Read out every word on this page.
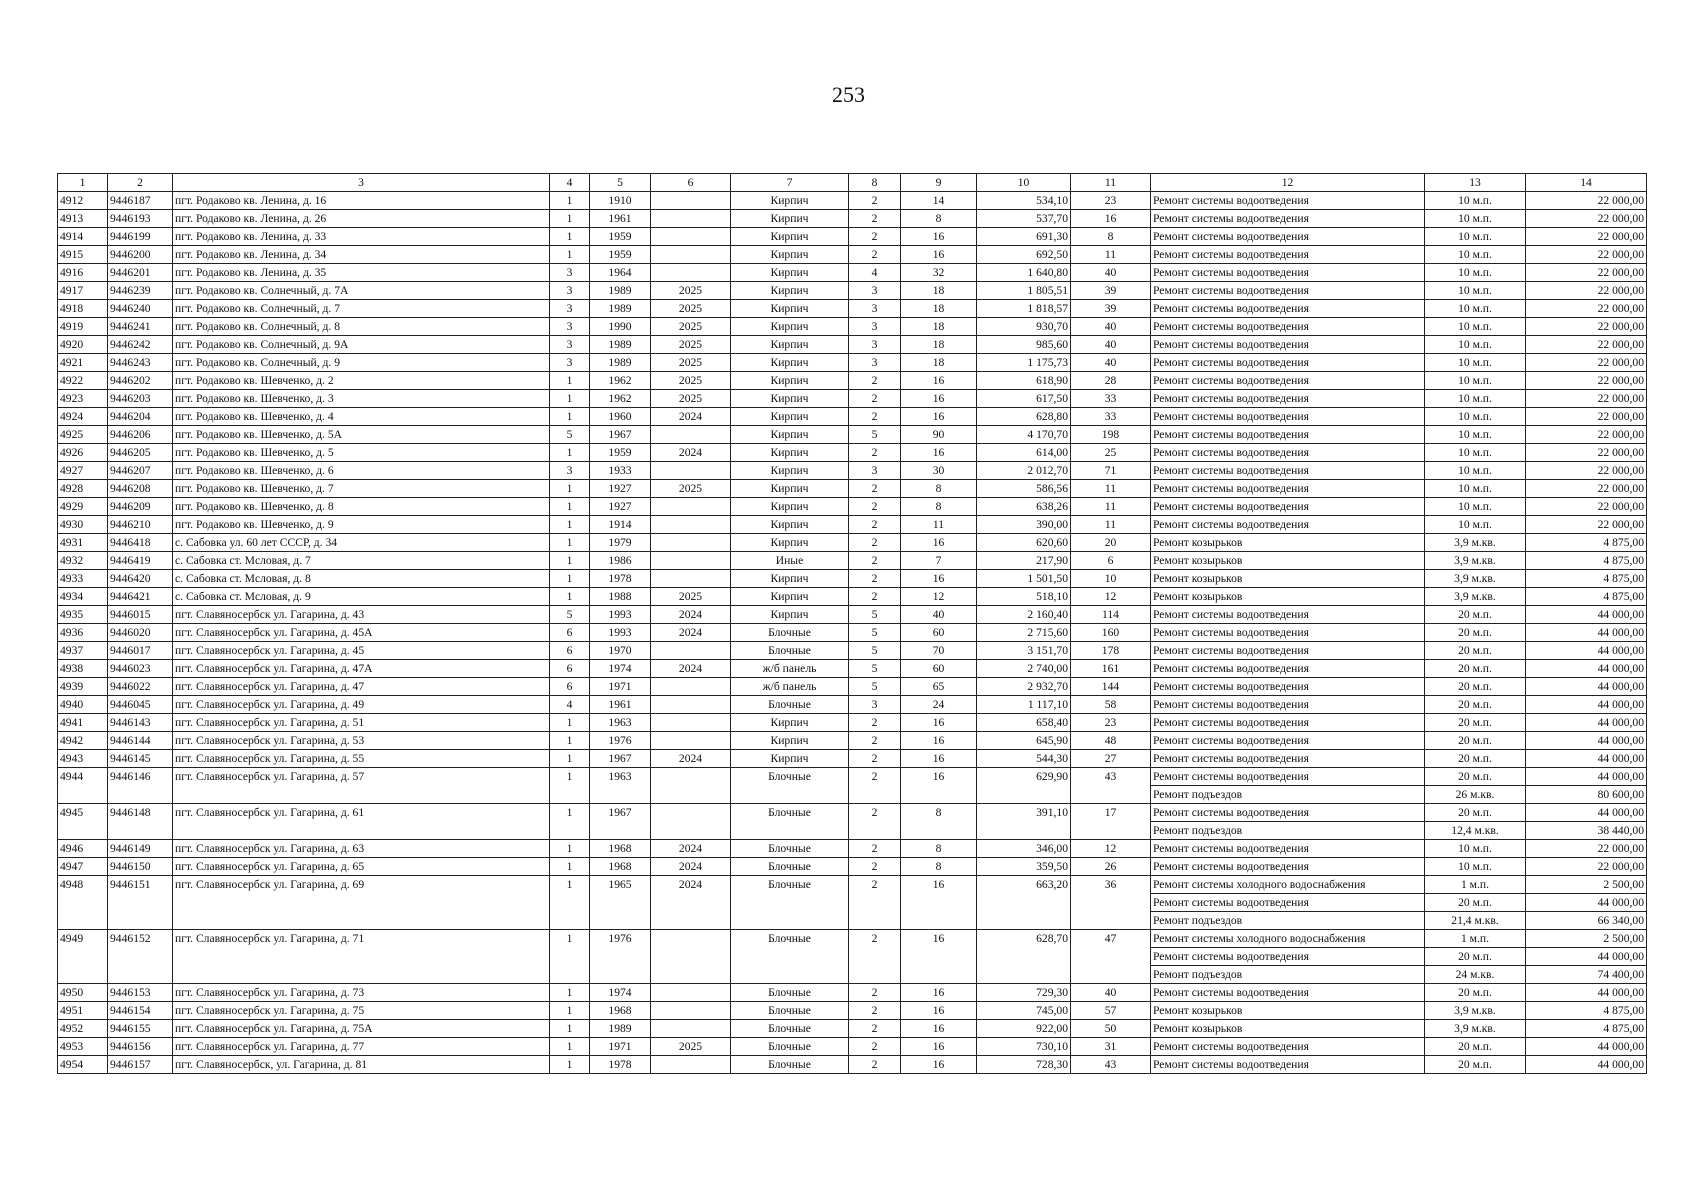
253
1	2	3	4	5	6	7	8	9	10	11	12	13	14
4912	9446187	пгт. Родаково кв. Ленина, д. 16	1	1910		Кирпич	2	14	534,10	23	Ремонт системы водоотведения	10 м.п.	22 000,00
4913	9446193	пгт. Родаково кв. Ленина, д. 26	1	1961		Кирпич	2	8	537,70	16	Ремонт системы водоотведения	10 м.п.	22 000,00
4914	9446199	пгт. Родаково кв. Ленина, д. 33	1	1959		Кирпич	2	16	691,30	8	Ремонт системы водоотведения	10 м.п.	22 000,00
4915	9446200	пгт. Родаково кв. Ленина, д. 34	1	1959		Кирпич	2	16	692,50	11	Ремонт системы водоотведения	10 м.п.	22 000,00
4916	9446201	пгт. Родаково кв. Ленина, д. 35	3	1964		Кирпич	4	32	1 640,80	40	Ремонт системы водоотведения	10 м.п.	22 000,00
4917	9446239	пгт. Родаково кв. Солнечный, д. 7А	3	1989	2025	Кирпич	3	18	1 805,51	39	Ремонт системы водоотведения	10 м.п.	22 000,00
4918	9446240	пгт. Родаково кв. Солнечный, д. 7	3	1989	2025	Кирпич	3	18	1 818,57	39	Ремонт системы водоотведения	10 м.п.	22 000,00
4919	9446241	пгт. Родаково кв. Солнечный, д. 8	3	1990	2025	Кирпич	3	18	930,70	40	Ремонт системы водоотведения	10 м.п.	22 000,00
4920	9446242	пгт. Родаково кв. Солнечный, д. 9А	3	1989	2025	Кирпич	3	18	985,60	40	Ремонт системы водоотведения	10 м.п.	22 000,00
4921	9446243	пгт. Родаково кв. Солнечный, д. 9	3	1989	2025	Кирпич	3	18	1 175,73	40	Ремонт системы водоотведения	10 м.п.	22 000,00
4922	9446202	пгт. Родаково кв. Шевченко, д. 2	1	1962	2025	Кирпич	2	16	618,90	28	Ремонт системы водоотведения	10 м.п.	22 000,00
4923	9446203	пгт. Родаково кв. Шевченко, д. 3	1	1962	2025	Кирпич	2	16	617,50	33	Ремонт системы водоотведения	10 м.п.	22 000,00
4924	9446204	пгт. Родаково кв. Шевченко, д. 4	1	1960	2024	Кирпич	2	16	628,80	33	Ремонт системы водоотведения	10 м.п.	22 000,00
4925	9446206	пгт. Родаково кв. Шевченко, д. 5А	5	1967		Кирпич	5	90	4 170,70	198	Ремонт системы водоотведения	10 м.п.	22 000,00
4926	9446205	пгт. Родаково кв. Шевченко, д. 5	1	1959	2024	Кирпич	2	16	614,00	25	Ремонт системы водоотведения	10 м.п.	22 000,00
4927	9446207	пгт. Родаково кв. Шевченко, д. 6	3	1933		Кирпич	3	30	2 012,70	71	Ремонт системы водоотведения	10 м.п.	22 000,00
4928	9446208	пгт. Родаково кв. Шевченко, д. 7	1	1927	2025	Кирпич	2	8	586,56	11	Ремонт системы водоотведения	10 м.п.	22 000,00
4929	9446209	пгт. Родаково кв. Шевченко, д. 8	1	1927		Кирпич	2	8	638,26	11	Ремонт системы водоотведения	10 м.п.	22 000,00
4930	9446210	пгт. Родаково кв. Шевченко, д. 9	1	1914		Кирпич	2	11	390,00	11	Ремонт системы водоотведения	10 м.п.	22 000,00
4931	9446418	с. Сабовка ул. 60 лет СССР, д. 34	1	1979		Кирпич	2	16	620,60	20	Ремонт козырьков	3,9 м.кв.	4 875,00
4932	9446419	с. Сабовка ст. Мсловая, д. 7	1	1986		Иные	2	7	217,90	6	Ремонт козырьков	3,9 м.кв.	4 875,00
4933	9446420	с. Сабовка ст. Мсловая, д. 8	1	1978		Кирпич	2	16	1 501,50	10	Ремонт козырьков	3,9 м.кв.	4 875,00
4934	9446421	с. Сабовка ст. Мсловая, д. 9	1	1988	2025	Кирпич	2	12	518,10	12	Ремонт козырьков	3,9 м.кв.	4 875,00
4935	9446015	пгт. Славяносербск ул. Гагарина, д. 43	5	1993	2024	Кирпич	5	40	2 160,40	114	Ремонт системы водоотведения	20 м.п.	44 000,00
4936	9446020	пгт. Славяносербск ул. Гагарина, д. 45А	6	1993	2024	Блочные	5	60	2 715,60	160	Ремонт системы водоотведения	20 м.п.	44 000,00
4937	9446017	пгт. Славяносербск ул. Гагарина, д. 45	6	1970		Блочные	5	70	3 151,70	178	Ремонт системы водоотведения	20 м.п.	44 000,00
4938	9446023	пгт. Славяносербск ул. Гагарина, д. 47А	6	1974	2024	ж/б панель	5	60	2 740,00	161	Ремонт системы водоотведения	20 м.п.	44 000,00
4939	9446022	пгт. Славяносербск ул. Гагарина, д. 47	6	1971		ж/б панель	5	65	2 932,70	144	Ремонт системы водоотведения	20 м.п.	44 000,00
4940	9446045	пгт. Славяносербск ул. Гагарина, д. 49	4	1961		Блочные	3	24	1 117,10	58	Ремонт системы водоотведения	20 м.п.	44 000,00
4941	9446143	пгт. Славяносербск ул. Гагарина, д. 51	1	1963		Кирпич	2	16	658,40	23	Ремонт системы водоотведения	20 м.п.	44 000,00
4942	9446144	пгт. Славяносербск ул. Гагарина, д. 53	1	1976		Кирпич	2	16	645,90	48	Ремонт системы водоотведения	20 м.п.	44 000,00
4943	9446145	пгт. Славяносербск ул. Гагарина, д. 55	1	1967	2024	Кирпич	2	16	544,30	27	Ремонт системы водоотведения	20 м.п.	44 000,00
4944	9446146	пгт. Славяносербск ул. Гагарина, д. 57	1	1963		Блочные	2	16	629,90	43	Ремонт системы водоотведения	20 м.п.	44 000,00
											Ремонт подъездов	26 м.кв.	80 600,00
4945	9446148	пгт. Славяносербск ул. Гагарина, д. 61	1	1967		Блочные	2	8	391,10	17	Ремонт системы водоотведения	20 м.п.	44 000,00
											Ремонт подъездов	12,4 м.кв.	38 440,00
4946	9446149	пгт. Славяносербск ул. Гагарина, д. 63	1	1968	2024	Блочные	2	8	346,00	12	Ремонт системы водоотведения	10 м.п.	22 000,00
4947	9446150	пгт. Славяносербск ул. Гагарина, д. 65	1	1968	2024	Блочные	2	8	359,50	26	Ремонт системы водоотведения	10 м.п.	22 000,00
4948	9446151	пгт. Славяносербск ул. Гагарина, д. 69	1	1965	2024	Блочные	2	16	663,20	36	Ремонт системы холодного водоснабжения	1 м.п.	2 500,00
											Ремонт системы водоотведения	20 м.п.	44 000,00
											Ремонт подъездов	21,4 м.кв.	66 340,00
4949	9446152	пгт. Славяносербск ул. Гагарина, д. 71	1	1976		Блочные	2	16	628,70	47	Ремонт системы холодного водоснабжения	1 м.п.	2 500,00
											Ремонт системы водоотведения	20 м.п.	44 000,00
											Ремонт подъездов	24 м.кв.	74 400,00
4950	9446153	пгт. Славяносербск ул. Гагарина, д. 73	1	1974		Блочные	2	16	729,30	40	Ремонт системы водоотведения	20 м.п.	44 000,00
4951	9446154	пгт. Славяносербск ул. Гагарина, д. 75	1	1968		Блочные	2	16	745,00	57	Ремонт козырьков	3,9 м.кв.	4 875,00
4952	9446155	пгт. Славяносербск ул. Гагарина, д. 75А	1	1989		Блочные	2	16	922,00	50	Ремонт козырьков	3,9 м.кв.	4 875,00
4953	9446156	пгт. Славяносербск ул. Гагарина, д. 77	1	1971	2025	Блочные	2	16	730,10	31	Ремонт системы водоотведения	20 м.п.	44 000,00
4954	9446157	пгт. Славяносербск, ул. Гагарина, д. 81	1	1978		Блочные	2	16	728,30	43	Ремонт системы водоотведения	20 м.п.	44 000,00
